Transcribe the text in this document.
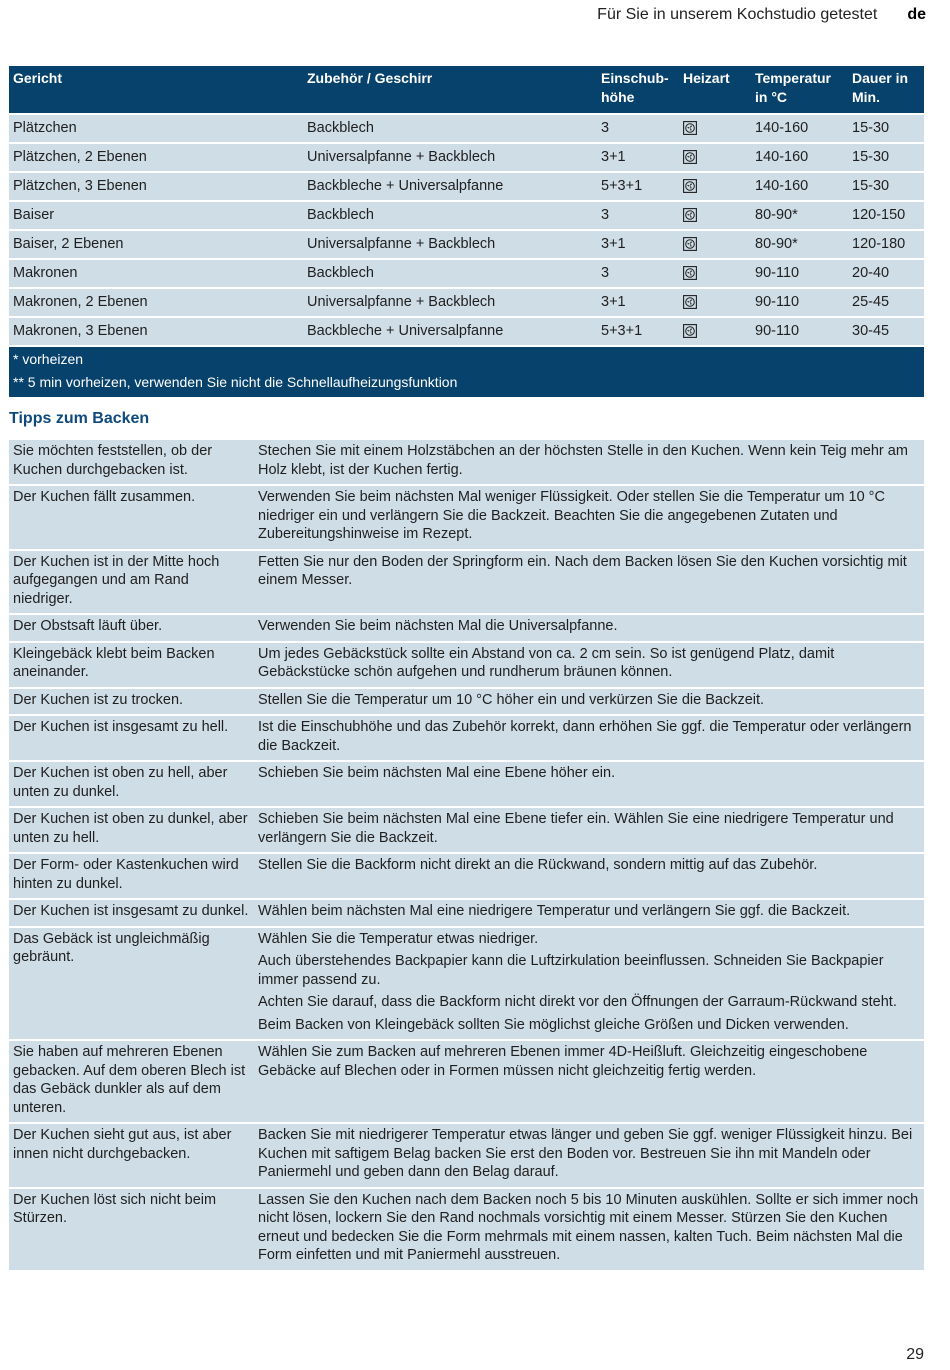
Für Sie in unserem Kochstudio getestet de
Gericht	Zubehör / Geschirr	Einschub-höhe	Heizart	Temperatur in °C	Dauer in Min.
Plätzchen	Backblech	3		140-160	15-30
Plätzchen, 2 Ebenen	Universalpfanne + Backblech	3+1		140-160	15-30
Plätzchen, 3 Ebenen	Backbleche + Universalpfanne	5+3+1		140-160	15-30
Baiser	Backblech	3		80-90*	120-150
Baiser, 2 Ebenen	Universalpfanne + Backblech	3+1		80-90*	120-180
Makronen	Backblech	3		90-110	20-40
Makronen, 2 Ebenen	Universalpfanne + Backblech	3+1		90-110	25-45
Makronen, 3 Ebenen	Backbleche + Universalpfanne	5+3+1		90-110	30-45

* vorheizen
** 5 min vorheizen, verwenden Sie nicht die Schnellaufheizungsfunktion					
Tipps zum Backen
Sie möchten feststellen, ob der Kuchen durchgebacken ist.	Stechen Sie mit einem Holzstäbchen an der höchsten Stelle in den Kuchen. Wenn kein Teig mehr am Holz klebt, ist der Kuchen fertig.

Der Kuchen fällt zusammen.	Verwenden Sie beim nächsten Mal weniger Flüssigkeit. Oder stellen Sie die Temperatur um 10 °C niedriger ein und verlängern Sie die Backzeit. Beachten Sie die angegebenen Zutaten und Zubereitungshinweise im Rezept.

Der Kuchen ist in der Mitte hoch aufgegangen und am Rand niedriger.	Fetten Sie nur den Boden der Springform ein. Nach dem Backen lösen Sie den Kuchen vorsichtig mit einem Messer.

Der Obstsaft läuft über.	Verwenden Sie beim nächsten Mal die Universalpfanne.

Kleingebäck klebt beim Backen aneinander.	Um jedes Gebäckstück sollte ein Abstand von ca. 2 cm sein. So ist genügend Platz, damit Gebäckstücke schön aufgehen und rundherum bräunen können.

Der Kuchen ist zu trocken.	Stellen Sie die Temperatur um 10 °C höher ein und verkürzen Sie die Backzeit.

Der Kuchen ist insgesamt zu hell.	Ist die Einschubhöhe und das Zubehör korrekt, dann erhöhen Sie ggf. die Temperatur oder verlängern die Backzeit.

Der Kuchen ist oben zu hell, aber unten zu dunkel.	Schieben Sie beim nächsten Mal eine Ebene höher ein.

Der Kuchen ist oben zu dunkel, aber unten zu hell.	Schieben Sie beim nächsten Mal eine Ebene tiefer ein. Wählen Sie eine niedrigere Temperatur und verlängern Sie die Backzeit.

Der Form- oder Kastenkuchen wird hinten zu dunkel.	Stellen Sie die Backform nicht direkt an die Rückwand, sondern mittig auf das Zubehör.

Der Kuchen ist insgesamt zu dunkel.	Wählen beim nächsten Mal eine niedrigere Temperatur und verlängern Sie ggf. die Backzeit.

Das Gebäck ist ungleichmäßig gebräunt.	Wählen Sie die Temperatur etwas niedriger.

Auch überstehendes Backpapier kann die Luftzirkulation beeinflussen. Schneiden Sie Backpapier immer passend zu.

Achten Sie darauf, dass die Backform nicht direkt vor den Öffnungen der Garraum-Rückwand steht.

Beim Backen von Kleingebäck sollten Sie möglichst gleiche Größen und Dicken verwenden.

Sie haben auf mehreren Ebenen gebacken. Auf dem oberen Blech ist das Gebäck dunkler als auf dem unteren.	Wählen Sie zum Backen auf mehreren Ebenen immer 4D-Heißluft. Gleichzeitig eingeschobene Gebäcke auf Blechen oder in Formen müssen nicht gleichzeitig fertig werden.

Der Kuchen sieht gut aus, ist aber innen nicht durchgebacken.	Backen Sie mit niedrigerer Temperatur etwas länger und geben Sie ggf. weniger Flüssigkeit hinzu. Bei Kuchen mit saftigem Belag backen Sie erst den Boden vor. Bestreuen Sie ihn mit Mandeln oder Paniermehl und geben dann den Belag darauf.

Der Kuchen löst sich nicht beim Stürzen.	Lassen Sie den Kuchen nach dem Backen noch 5 bis 10 Minuten auskühlen. Sollte er sich immer noch nicht lösen, lockern Sie den Rand nochmals vorsichtig mit einem Messer. Stürzen Sie den Kuchen erneut und bedecken Sie die Form mehrmals mit einem nassen, kalten Tuch. Beim nächsten Mal die Form einfetten und mit Paniermehl ausstreuen.

29
